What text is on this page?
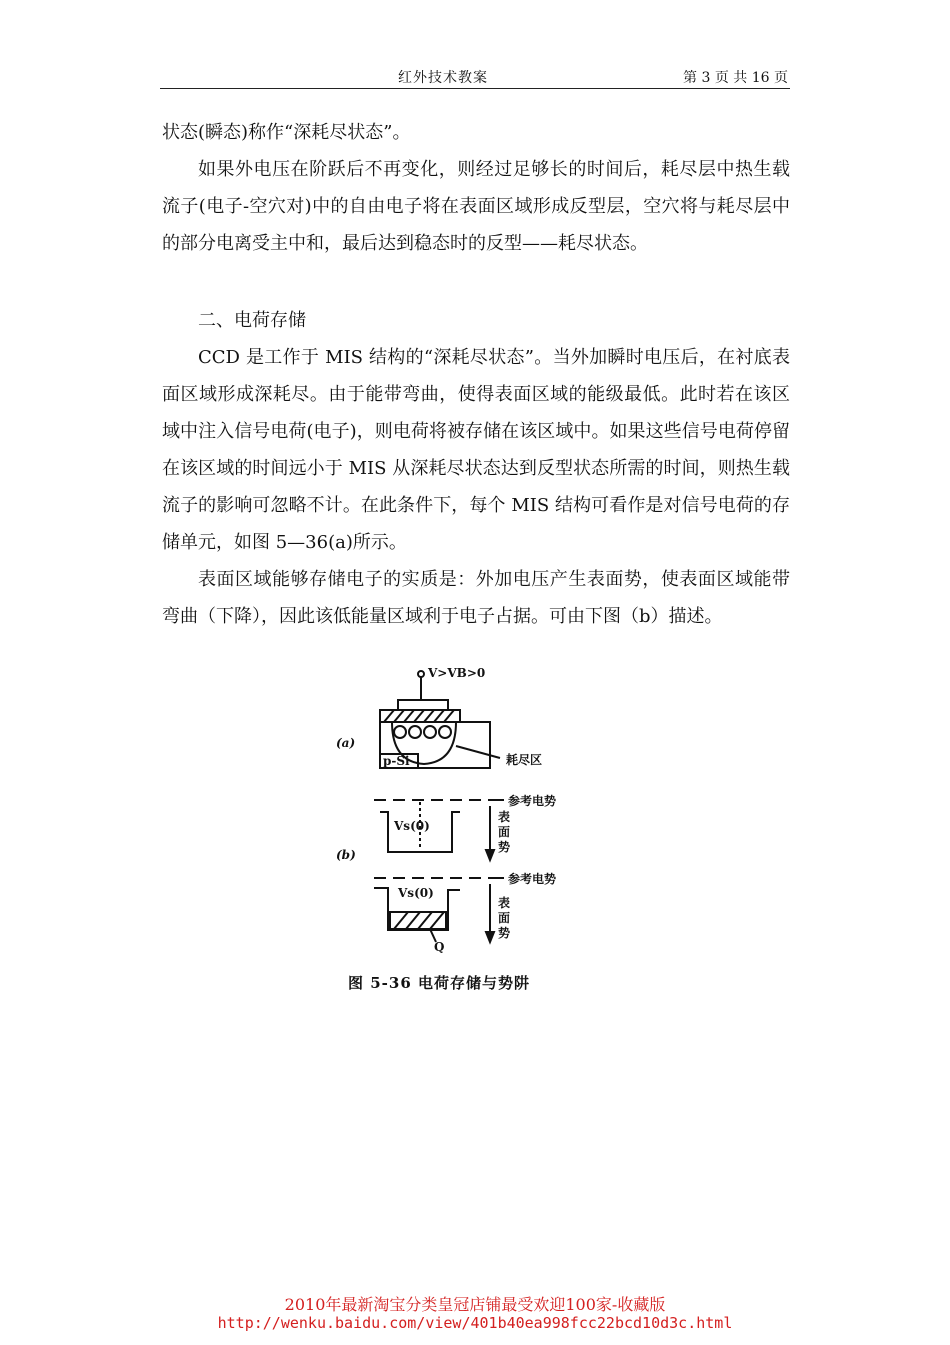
红外技术教案	第 3 页 共 16 页

状态(瞬态)称作“深耗尽状态”。

如果外电压在阶跃后不再变化，则经过足够长的时间后，耗尽层中热生载流子(电子-空穴对)中的自由电子将在表面区域形成反型层，空穴将与耗尽层中的部分电离受主中和，最后达到稳态时的反型——耗尽状态。

二、电荷存储

CCD 是工作于 MIS 结构的“深耗尽状态”。当外加瞬时电压后，在衬底表面区域形成深耗尽。由于能带弯曲，使得表面区域的能级最低。此时若在该区域中注入信号电荷(电子)，则电荷将被存储在该区域中。如果这些信号电荷停留在该区域的时间远小于 MIS 从深耗尽状态达到反型状态所需的时间，则热生载流子的影响可忽略不计。在此条件下，每个 MIS 结构可看作是对信号电荷的存储单元，如图 5—36(a)所示。

表面区域能够存储电子的实质是：外加电压产生表面势，使表面区域能带弯曲（下降），因此该低能量区域利于电子占据。可由下图（b）描述。

V>VB>0
(a)
p-Si	耗尽区
参考电势
Vs(0)
表面势
(b)
参考电势
Vs(0)
表面势
Q
图 5-36 电荷存储与势阱
2010年最新淘宝分类皇冠店铺最受欢迎100家-收藏版
http://wenku.baidu.com/view/401b40ea998fcc22bcd10d3c.html
